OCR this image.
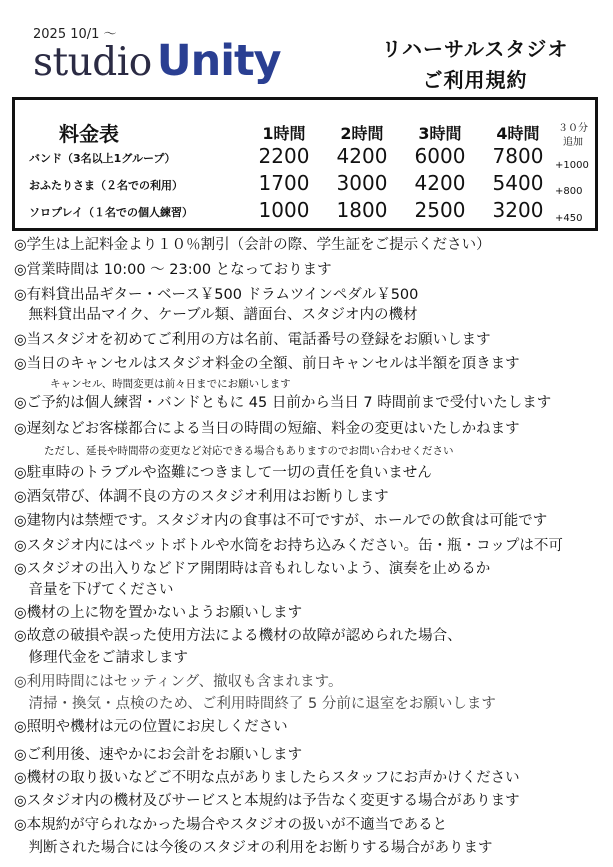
2025 10/1 ～
studio Unity	リハーサルスタジオ
ご利用規約
料金表	1時間	2時間	3時間	4時間	３０分
追加
バンド（3名以上1グループ）	2200	4200	6000	7800	+1000
おふたりさま（２名での利用）	1700	3000	4200	5400	+800
ソロプレイ（１名での個人練習）	1000	1800	2500	3200	+450
◎学生は上記料金より１０％割引（会計の際、学生証をご提示ください）
◎営業時間は 10:00 ～ 23:00 となっております
◎有料貸出品ギター・ベース￥500 ドラムツインペダル￥500
　無料貸出品マイク、ケーブル類、譜面台、スタジオ内の機材
◎当スタジオを初めてご利用の方は名前、電話番号の登録をお願いします
◎当日のキャンセルはスタジオ料金の全額、前日キャンセルは半額を頂きます
キャンセル、時間変更は前々日までにお願いします
◎ご予約は個人練習・バンドともに 45 日前から当日 7 時間前まで受付いたします
◎遅刻などお客様都合による当日の時間の短縮、料金の変更はいたしかねます
ただし、延長や時間帯の変更など対応できる場合もありますのでお問い合わせください
◎駐車時のトラブルや盗難につきまして一切の責任を負いません
◎酒気帯び、体調不良の方のスタジオ利用はお断りします
◎建物内は禁煙です。スタジオ内の食事は不可ですが、ホールでの飲食は可能です
◎スタジオ内にはペットボトルや水筒をお持ち込みください。缶・瓶・コップは不可
◎スタジオの出入りなどドア開閉時は音もれしないよう、演奏を止めるか
　音量を下げてください
◎機材の上に物を置かないようお願いします
◎故意の破損や誤った使用方法による機材の故障が認められた場合、
　修理代金をご請求します
◎利用時間にはセッティング、撤収も含まれます。
　清掃・換気・点検のため、ご利用時間終了 5 分前に退室をお願いします
◎照明や機材は元の位置にお戻しください
◎ご利用後、速やかにお会計をお願いします
◎機材の取り扱いなどご不明な点がありましたらスタッフにお声かけください
◎スタジオ内の機材及びサービスと本規約は予告なく変更する場合があります
◎本規約が守られなかった場合やスタジオの扱いが不適当であると
　判断された場合には今後のスタジオの利用をお断りする場合があります
